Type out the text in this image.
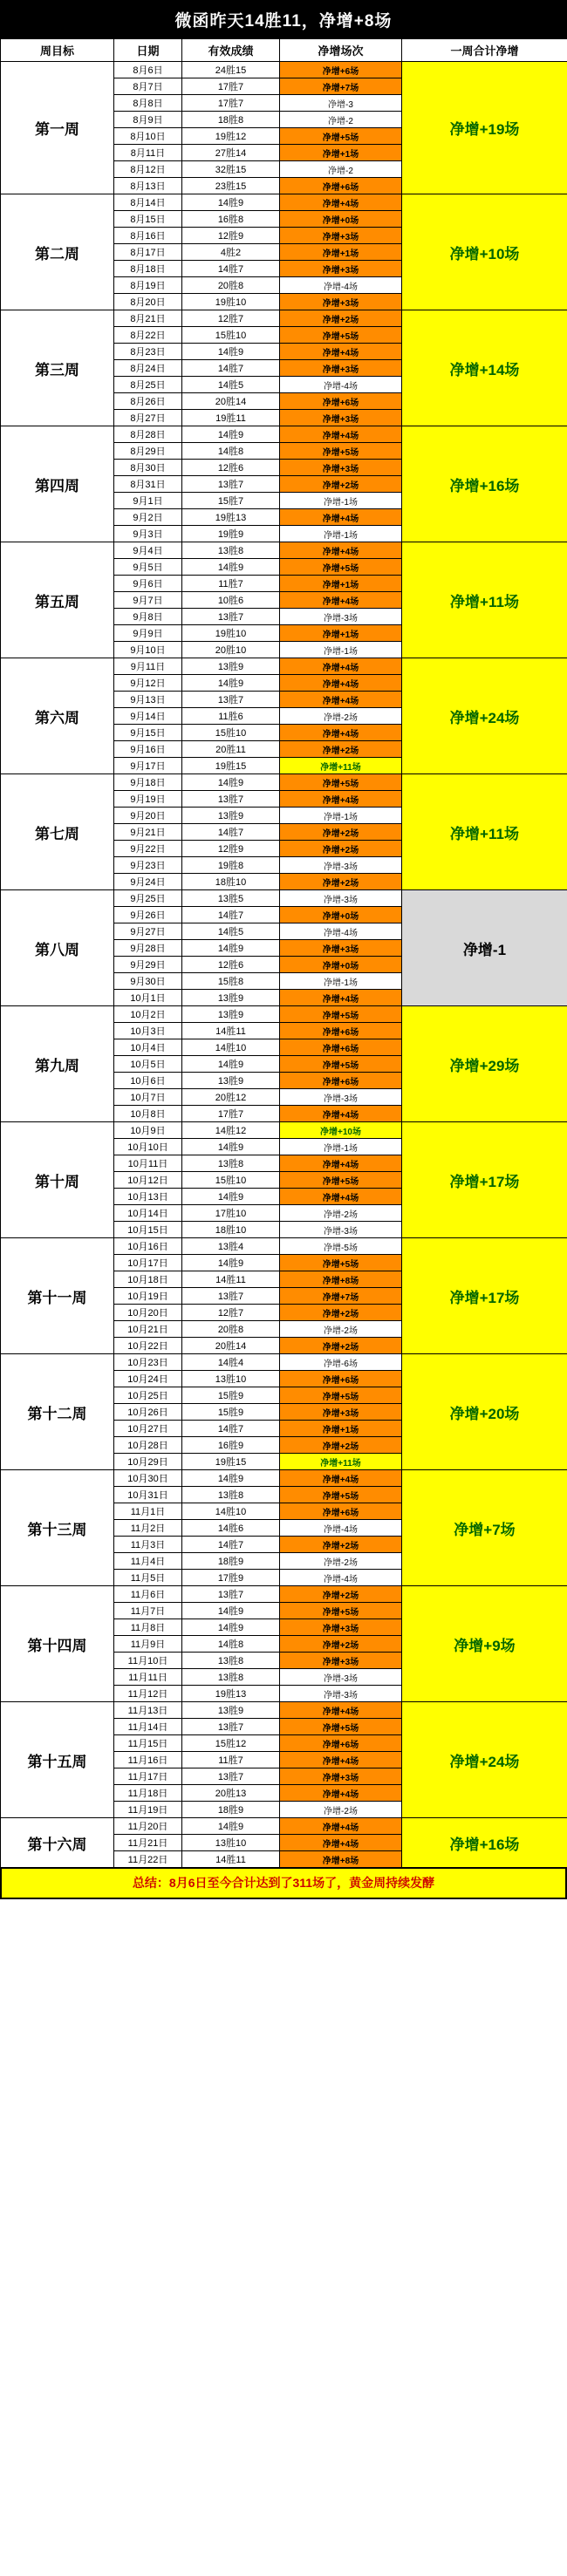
微函昨天14胜11，净增+8场
周目标	日期	有效成绩	净增场次	一周合计净增
第一周	8月6日	24胜15	净增+6场	净增+19场
	8月7日	17胜7	净增+7场	
	8月8日	17胜7	净增-3	
	8月9日	18胜8	净增-2	
	8月10日	19胜12	净增+5场	
	8月11日	27胜14	净增+1场	
	8月12日	32胜15	净增-2	
	8月13日	23胜15	净增+6场	
第二周	8月14日	14胜9	净增+4场	净增+10场
	8月15日	16胜8	净增+0场	
	8月16日	12胜9	净增+3场	
	8月17日	4胜2	净增+1场	
	8月18日	14胜7	净增+3场	
	8月19日	20胜8	净增-4场	
	8月20日	19胜10	净增+3场	
第三周	8月21日	12胜7	净增+2场	净增+14场
	8月22日	15胜10	净增+5场	
	8月23日	14胜9	净增+4场	
	8月24日	14胜7	净增+3场	
	8月25日	14胜5	净增-4场	
	8月26日	20胜14	净增+6场	
	8月27日	19胜11	净增+3场	
第四周	8月28日	14胜9	净增+4场	净增+16场
	8月29日	14胜8	净增+5场	
	8月30日	12胜6	净增+3场	
	8月31日	13胜7	净增+2场	
	9月1日	15胜7	净增-1场	
	9月2日	19胜13	净增+4场	
	9月3日	19胜9	净增-1场	
第五周	9月4日	13胜8	净增+4场	净增+11场
	9月5日	14胜9	净增+5场	
	9月6日	11胜7	净增+1场	
	9月7日	10胜6	净增+4场	
	9月8日	13胜7	净增-3场	
	9月9日	19胜10	净增+1场	
	9月10日	20胜10	净增-1场	
第六周	9月11日	13胜9	净增+4场	净增+24场
	9月12日	14胜9	净增+4场	
	9月13日	13胜7	净增+4场	
	9月14日	11胜6	净增-2场	
	9月15日	15胜10	净增+4场	
	9月16日	20胜11	净增+2场	
	9月17日	19胜15	净增+11场	
第七周	9月18日	14胜9	净增+5场	净增+11场
	9月19日	13胜7	净增+4场	
	9月20日	13胜9	净增-1场	
	9月21日	14胜7	净增+2场	
	9月22日	12胜9	净增+2场	
	9月23日	19胜8	净增-3场	
	9月24日	18胜10	净增+2场	
第八周	9月25日	13胜5	净增-3场	净增-1
	9月26日	14胜7	净增+0场	
	9月27日	14胜5	净增-4场	
	9月28日	14胜9	净增+3场	
	9月29日	12胜6	净增+0场	
	9月30日	15胜8	净增-1场	
	10月1日	13胜9	净增+4场	
第九周	10月2日	13胜9	净增+5场	净增+29场
	10月3日	14胜11	净增+6场	
	10月4日	14胜10	净增+6场	
	10月5日	14胜9	净增+5场	
	10月6日	13胜9	净增+6场	
	10月7日	20胜12	净增-3场	
	10月8日	17胜7	净增+4场	
第十周	10月9日	14胜12	净增+10场	净增+17场
	10月10日	14胜9	净增-1场	
	10月11日	13胜8	净增+4场	
	10月12日	15胜10	净增+5场	
	10月13日	14胜9	净增+4场	
	10月14日	17胜10	净增-2场	
	10月15日	18胜10	净增-3场	
第十一周	10月16日	13胜4	净增-5场	净增+17场
	10月17日	14胜9	净增+5场	
	10月18日	14胜11	净增+8场	
	10月19日	13胜7	净增+7场	
	10月20日	12胜7	净增+2场	
	10月21日	20胜8	净增-2场	
	10月22日	20胜14	净增+2场	
第十二周	10月23日	14胜4	净增-6场	净增+20场
	10月24日	13胜10	净增+6场	
	10月25日	15胜9	净增+5场	
	10月26日	15胜9	净增+3场	
	10月27日	14胜7	净增+1场	
	10月28日	16胜9	净增+2场	
	10月29日	19胜15	净增+11场	
第十三周	10月30日	14胜9	净增+4场	净增+7场
	10月31日	13胜8	净增+5场	
	11月1日	14胜10	净增+6场	
	11月2日	14胜6	净增-4场	
	11月3日	14胜7	净增+2场	
	11月4日	18胜9	净增-2场	
	11月5日	17胜9	净增-4场	
第十四周	11月6日	13胜7	净增+2场	净增+9场
	11月7日	14胜9	净增+5场	
	11月8日	14胜9	净增+3场	
	11月9日	14胜8	净增+2场	
	11月10日	13胜8	净增+3场	
	11月11日	13胜8	净增-3场	
	11月12日	19胜13	净增-3场	
第十五周	11月13日	13胜9	净增+4场	净增+24场
	11月14日	13胜7	净增+5场	
	11月15日	15胜12	净增+6场	
	11月16日	11胜7	净增+4场	
	11月17日	13胜7	净增+3场	
	11月18日	20胜13	净增+4场	
	11月19日	18胜9	净增-2场	
第十六周	11月20日	14胜9	净增+4场	净增+16场
	11月21日	13胜10	净增+4场	
	11月22日	14胜11	净增+8场	
总结：8月6日至今合计达到了311场了，黄金周持续发酵
